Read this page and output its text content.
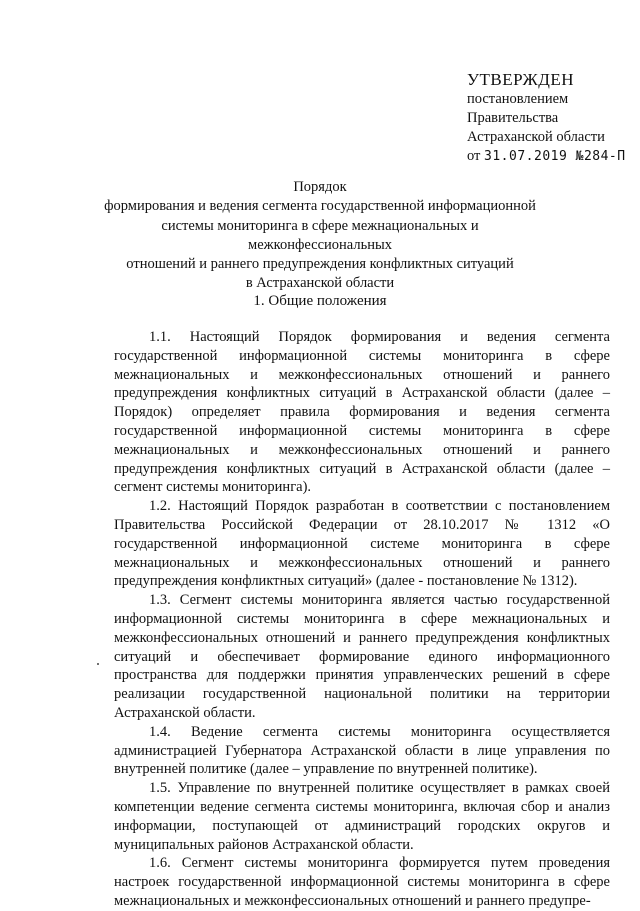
УТВЕРЖДЕН
постановлением
Правительства
Астраханской области
от 31.07.2019 №284-П
Порядок
формирования и ведения сегмента государственной информационной
системы мониторинга в сфере межнациональных и межконфессиональных
отношений и раннего предупреждения конфликтных ситуаций
в Астраханской области
1. Общие положения

1.1. Настоящий Порядок формирования и ведения сегмента государственной информационной системы мониторинга в сфере межнациональных и межконфессиональных отношений и раннего предупреждения конфликтных ситуаций в Астраханской области (далее – Порядок) определяет правила формирования и ведения сегмента государственной информационной системы мониторинга в сфере межнациональных и межконфессиональных отношений и раннего предупреждения конфликтных ситуаций в Астраханской области (далее – сегмент системы мониторинга).

1.2. Настоящий Порядок разработан в соответствии с постановлением Правительства Российской Федерации от 28.10.2017 № 1312 «О государственной информационной системе мониторинга в сфере межнациональных и межконфессиональных отношений и раннего предупреждения конфликтных ситуаций» (далее - постановление № 1312).

1.3. Сегмент системы мониторинга является частью государственной информационной системы мониторинга в сфере межнациональных и межконфессиональных отношений и раннего предупреждения конфликтных ситуаций и обеспечивает формирование единого информационного пространства для поддержки принятия управленческих решений в сфере реализации государственной национальной политики на территории Астраханской области.

1.4. Ведение сегмента системы мониторинга осуществляется администрацией Губернатора Астраханской области в лице управления по внутренней политике (далее – управление по внутренней политике).

1.5. Управление по внутренней политике осуществляет в рамках своей компетенции ведение сегмента системы мониторинга, включая сбор и анализ информации, поступающей от администраций городских округов и муниципальных районов Астраханской области.

1.6. Сегмент системы мониторинга формируется путем проведения настроек государственной информационной системы мониторинга в сфере межнациональных и межконфессиональных отношений и раннего предупре-
